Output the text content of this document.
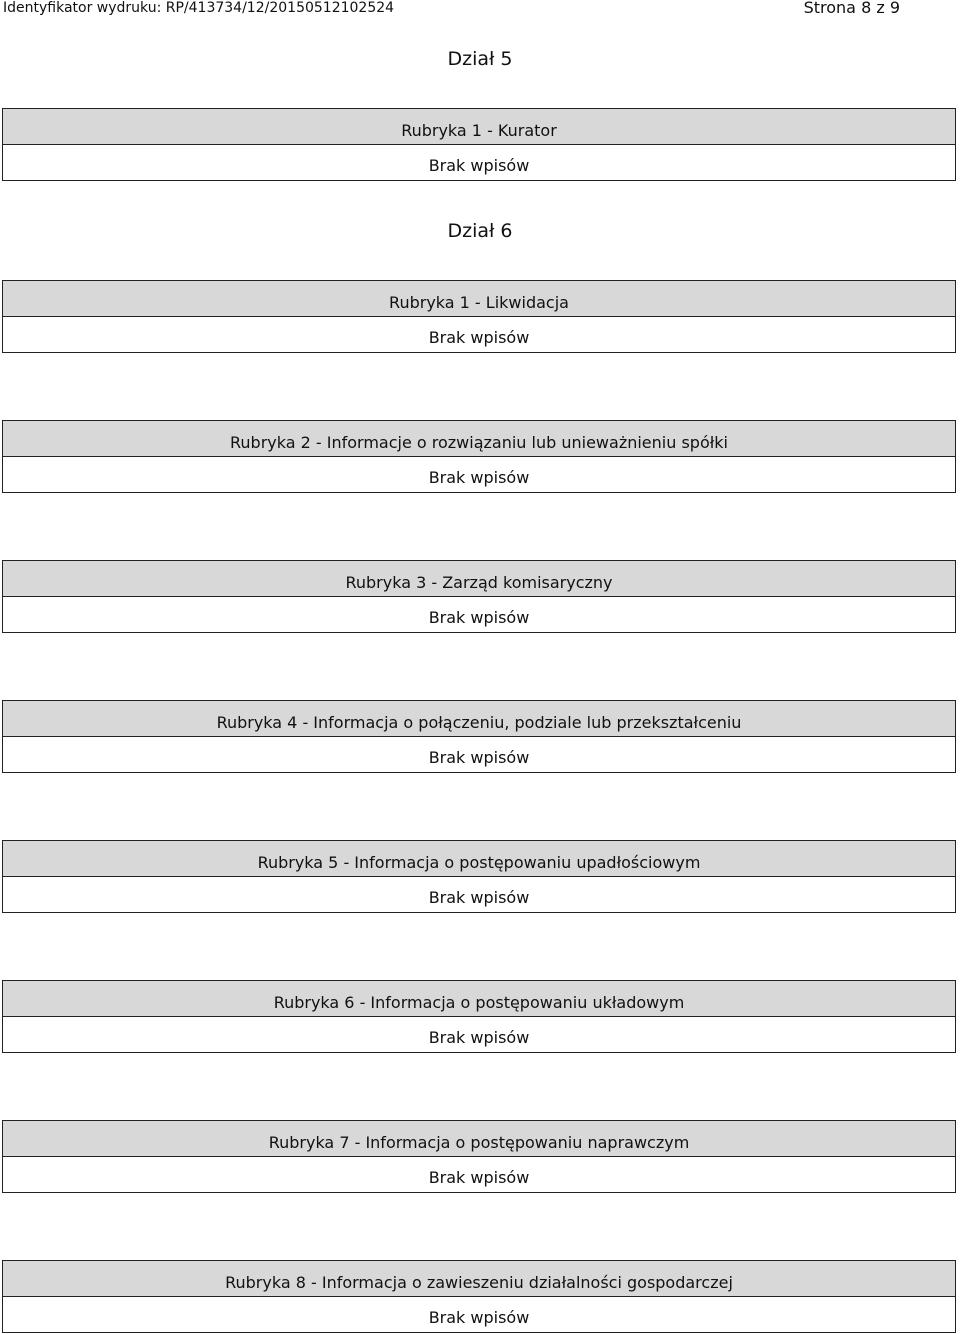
Identyfikator wydruku: RP/413734/12/20150512102524	Strona 8 z 9
Dział 5
Rubryka 1 - Kurator
Brak wpisów
Dział 6
Rubryka 1 - Likwidacja
Brak wpisów
Rubryka 2 - Informacje o rozwiązaniu lub unieważnieniu spółki
Brak wpisów
Rubryka 3 - Zarząd komisaryczny
Brak wpisów
Rubryka 4 - Informacja o połączeniu, podziale lub przekształceniu
Brak wpisów
Rubryka 5 - Informacja o postępowaniu upadłościowym
Brak wpisów
Rubryka 6 - Informacja o postępowaniu układowym
Brak wpisów
Rubryka 7 - Informacja o postępowaniu naprawczym
Brak wpisów
Rubryka 8 - Informacja o zawieszeniu działalności gospodarczej
Brak wpisów
